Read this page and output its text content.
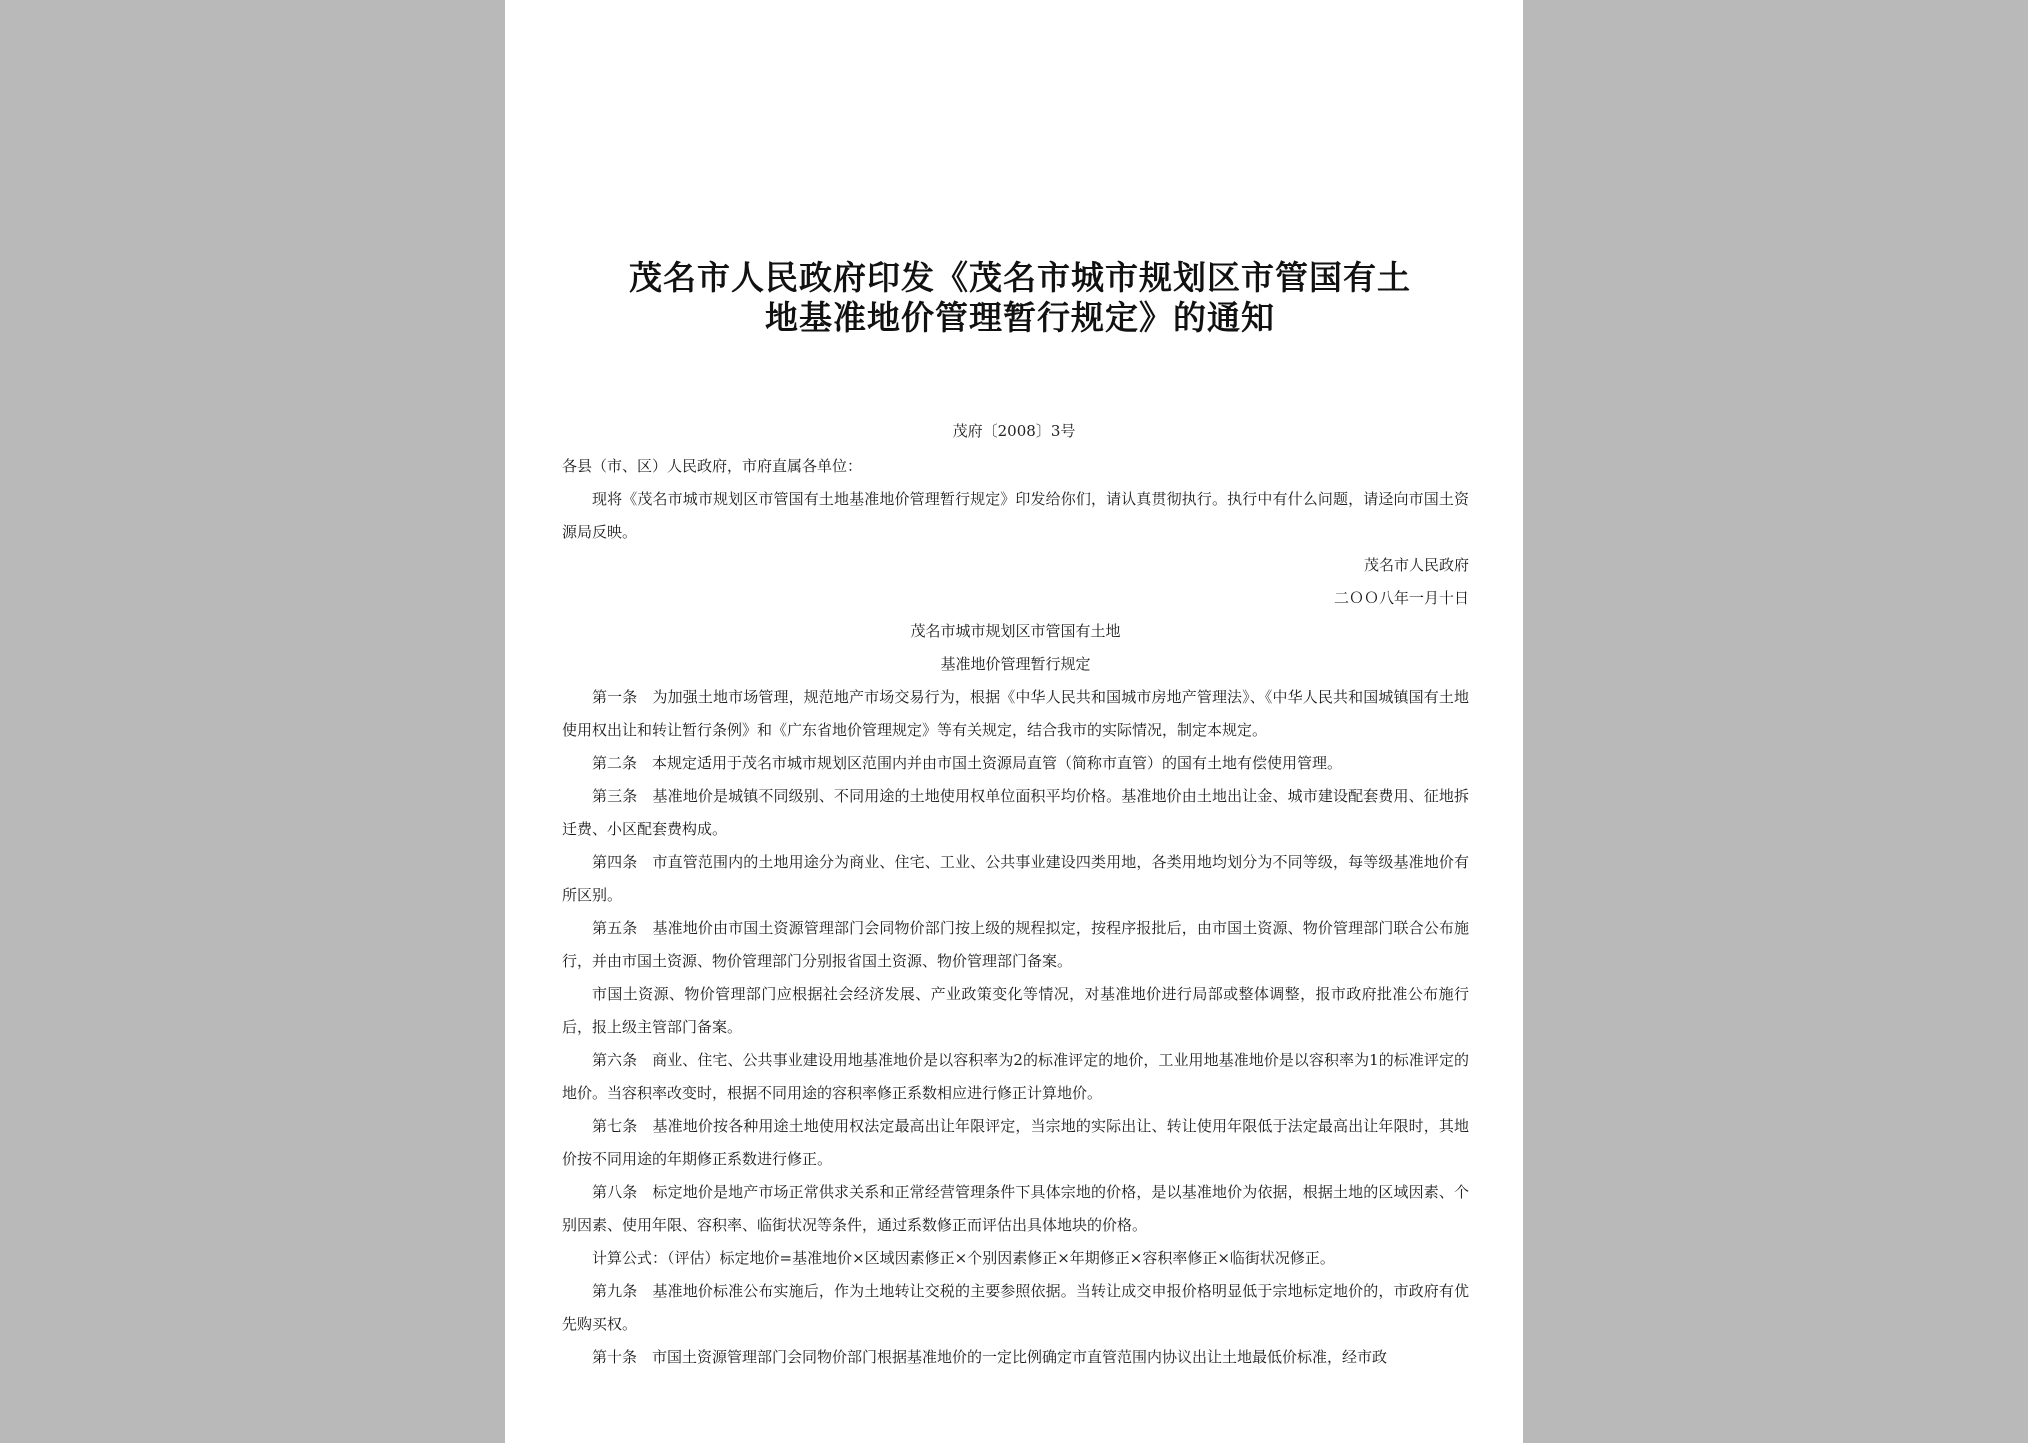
茂名市人民政府印发《茂名市城市规划区市管国有土
地基准地价管理暂行规定》的通知
茂府〔2008〕3号

各县（市、区）人民政府，市府直属各单位：

现将《茂名市城市规划区市管国有土地基准地价管理暂行规定》印发给你们，请认真贯彻执行。执行中有什么问题，请迳向市国土资源局反映。

茂名市人民政府

二ＯＯ八年一月十日

茂名市城市规划区市管国有土地

基准地价管理暂行规定

第一条　为加强土地市场管理，规范地产市场交易行为，根据《中华人民共和国城市房地产管理法》、《中华人民共和国城镇国有土地使用权出让和转让暂行条例》和《广东省地价管理规定》等有关规定，结合我市的实际情况，制定本规定。

第二条　本规定适用于茂名市城市规划区范围内并由市国土资源局直管（简称市直管）的国有土地有偿使用管理。

第三条　基准地价是城镇不同级别、不同用途的土地使用权单位面积平均价格。基准地价由土地出让金、城市建设配套费用、征地拆迁费、小区配套费构成。

第四条　市直管范围内的土地用途分为商业、住宅、工业、公共事业建设四类用地，各类用地均划分为不同等级，每等级基准地价有所区别。

第五条　基准地价由市国土资源管理部门会同物价部门按上级的规程拟定，按程序报批后，由市国土资源、物价管理部门联合公布施行，并由市国土资源、物价管理部门分别报省国土资源、物价管理部门备案。

市国土资源、物价管理部门应根据社会经济发展、产业政策变化等情况，对基准地价进行局部或整体调整，报市政府批准公布施行后，报上级主管部门备案。

第六条　商业、住宅、公共事业建设用地基准地价是以容积率为2的标准评定的地价，工业用地基准地价是以容积率为1的标准评定的地价。当容积率改变时，根据不同用途的容积率修正系数相应进行修正计算地价。

第七条　基准地价按各种用途土地使用权法定最高出让年限评定，当宗地的实际出让、转让使用年限低于法定最高出让年限时，其地价按不同用途的年期修正系数进行修正。

第八条　标定地价是地产市场正常供求关系和正常经营管理条件下具体宗地的价格，是以基准地价为依据，根据土地的区域因素、个别因素、使用年限、容积率、临街状况等条件，通过系数修正而评估出具体地块的价格。

计算公式：（评估）标定地价=基准地价×区域因素修正×个别因素修正×年期修正×容积率修正×临街状况修正。

第九条　基准地价标准公布实施后，作为土地转让交税的主要参照依据。当转让成交申报价格明显低于宗地标定地价的，市政府有优先购买权。

第十条　市国土资源管理部门会同物价部门根据基准地价的一定比例确定市直管范围内协议出让土地最低价标准，经市政
